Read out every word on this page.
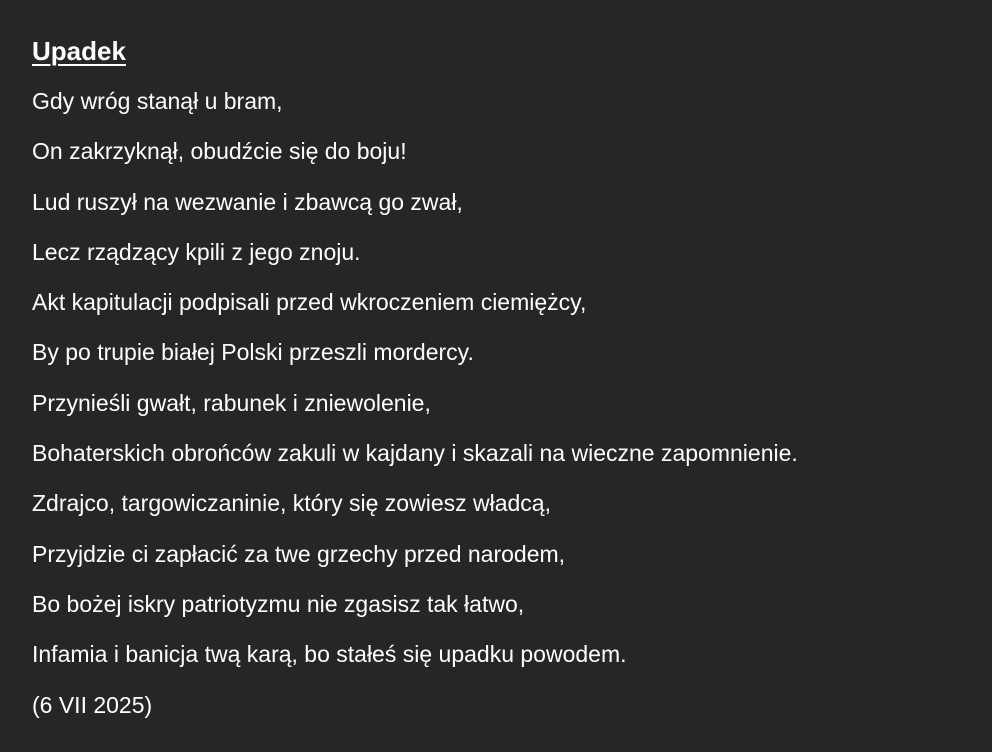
Upadek
Gdy wróg stanął u bram,
On zakrzyknął, obudźcie się do boju!
Lud ruszył na wezwanie i zbawcą go zwał,
Lecz rządzący kpili z jego znoju.
Akt kapitulacji podpisali przed wkroczeniem ciemiężcy,
By po trupie białej Polski przeszli mordercy.
Przynieśli gwałt, rabunek i zniewolenie,
Bohaterskich obrońców zakuli w kajdany i skazali na wieczne zapomnienie.
Zdrajco, targowiczaninie, który się zowiesz władcą,
Przyjdzie ci zapłacić za twe grzechy przed narodem,
Bo bożej iskry patriotyzmu nie zgasisz tak łatwo,
Infamia i banicja twą karą, bo stałeś się upadku powodem.
(6 VII 2025)
